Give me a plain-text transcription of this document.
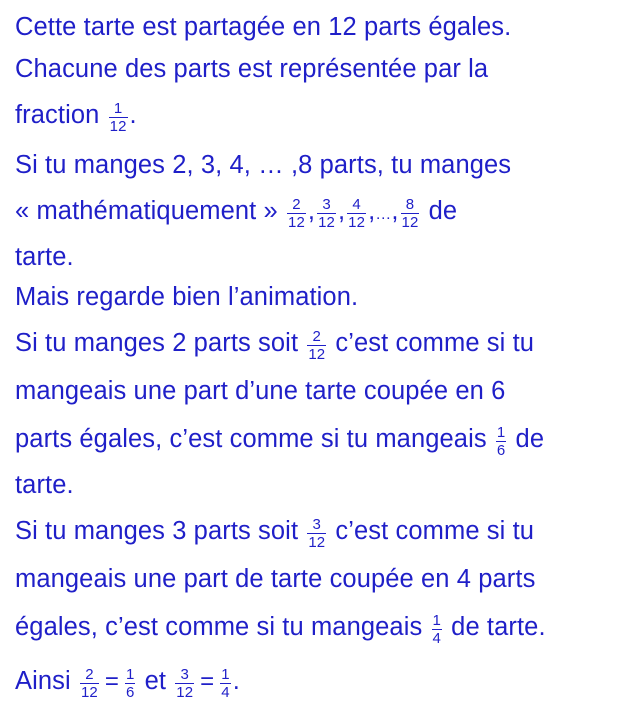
Cette tarte est partagée en 12 parts égales.
Chacune des parts est représentée par la
fraction $\frac{1}{12}$ .
Si tu manges 2, 3, 4, … ,8 parts, tu manges
« mathématiquement » $\frac{2}{12}$ , $\frac{3}{12}$ , $\frac{4}{12}$ ,…, $\frac{8}{12}$ de
tarte.
Mais regarde bien l’animation.
Si tu manges 2 parts soit $\frac{2}{12}$ c’est comme si tu
mangeais une part d’une tarte coupée en 6
parts égales, c’est comme si tu mangeais $\frac{1}{6}$ de
tarte.
Si tu manges 3 parts soit $\frac{3}{12}$ c’est comme si tu
mangeais une part de tarte coupée en 4 parts
égales, c’est comme si tu mangeais $\frac{1}{4}$ de tarte.
Ainsi $\frac{2}{12} = \frac{1}{6}$ et $\frac{3}{12} = \frac{1}{4}$ .
